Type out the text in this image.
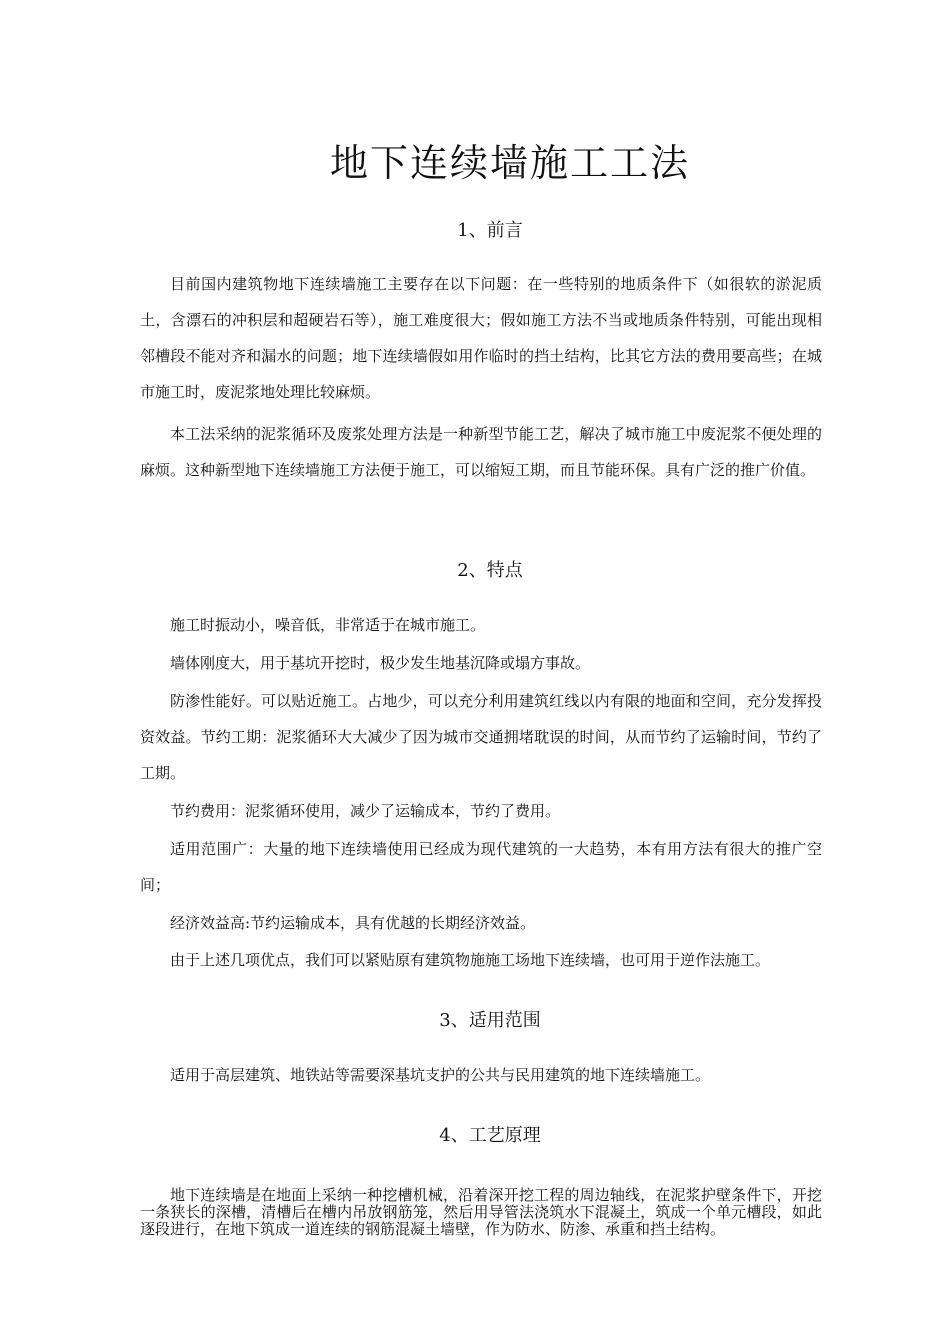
地下连续墙施工工法
1、前言

目前国内建筑物地下连续墙施工主要存在以下问题：在一些特别的地质条件下（如很软的淤泥质土，含漂石的冲积层和超硬岩石等），施工难度很大；假如施工方法不当或地质条件特别，可能出现相邻槽段不能对齐和漏水的问题；地下连续墙假如用作临时的挡土结构，比其它方法的费用要高些；在城市施工时，废泥浆地处理比较麻烦。

本工法采纳的泥浆循环及废浆处理方法是一种新型节能工艺，解决了城市施工中废泥浆不便处理的麻烦。这种新型地下连续墙施工方法便于施工，可以缩短工期，而且节能环保。具有广泛的推广价值。

2、特点

施工时振动小，噪音低，非常适于在城市施工。

墙体刚度大，用于基坑开挖时，极少发生地基沉降或塌方事故。

防渗性能好。可以贴近施工。占地少，可以充分利用建筑红线以内有限的地面和空间，充分发挥投资效益。节约工期：泥浆循环大大减少了因为城市交通拥堵耽误的时间，从而节约了运输时间，节约了工期。

节约费用：泥浆循环使用，减少了运输成本，节约了费用。

适用范围广：大量的地下连续墙使用已经成为现代建筑的一大趋势，本有用方法有很大的推广空间；

经济效益高:节约运输成本，具有优越的长期经济效益。

由于上述几项优点，我们可以紧贴原有建筑物施施工场地下连续墙，也可用于逆作法施工。

3、适用范围

适用于高层建筑、地铁站等需要深基坑支护的公共与民用建筑的地下连续墙施工。

4、工艺原理

地下连续墙是在地面上采纳一种挖槽机械，沿着深开挖工程的周边轴线，在泥浆护壁条件下，开挖一条狭长的深槽，清槽后在槽内吊放钢筋笼，然后用导管法浇筑水下混凝土，筑成一个单元槽段，如此逐段进行，在地下筑成一道连续的钢筋混凝土墙壁，作为防水、防渗、承重和挡土结构。
